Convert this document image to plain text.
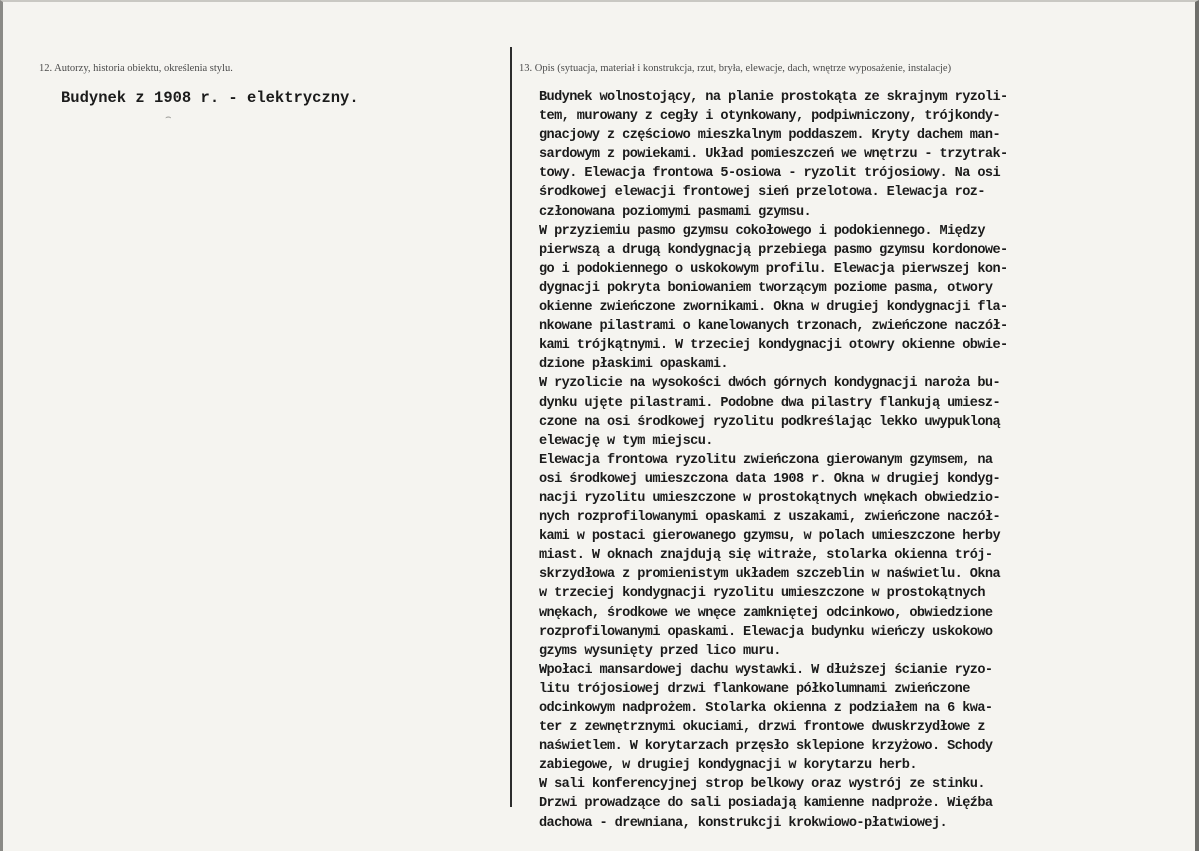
12. Autorzy, historia obiektu, określenia stylu.
Budynek z 1908 r. - elektryczny.
13. Opis (sytuacja, materiał i konstrukcja, rzut, bryła, elewacje, dach, wnętrze wyposażenie, instalacje)
Budynek wolnostojący, na planie prostokąta ze skrajnym ryzoli-
tem, murowany z cegły i otynkowany, podpiwniczony, trójkondy-
gnacjowy z częściowo mieszkalnym poddaszem. Kryty dachem man-
sardowym z powiekami. Układ pomieszczeń we wnętrzu - trzytrak-
towy. Elewacja frontowa 5-osiowa - ryzolit trójosiowy. Na osi
środkowej elewacji frontowej sień przelotowa. Elewacja roz-
członowana poziomymi pasmami gzymsu.
W przyziemiu pasmo gzymsu cokołowego i podokiennego. Między
pierwszą a drugą kondygnacją przebiega pasmo gzymsu kordonowe-
go i podokiennego o uskokowym profilu. Elewacja pierwszej kon-
dygnacji pokryta boniowaniem tworzącym poziome pasma, otwory
okienne zwieńczone zwornikami. Okna w drugiej kondygnacji fla-
nkowane pilastrami o kanelowanych trzonach, zwieńczone naczół-
kami trójkątnymi. W trzeciej kondygnacji otowry okienne obwie-
dzione płaskimi opaskami.
W ryzolicie na wysokości dwóch górnych kondygnacji naroża bu-
dynku ujęte pilastrami. Podobne dwa pilastry flankują umiesz-
czone na osi środkowej ryzolitu podkreślając lekko uwypukloną
elewację w tym miejscu.
Elewacja frontowa ryzolitu zwieńczona gierowanym gzymsem, na
osi środkowej umieszczona data 1908 r. Okna w drugiej kondyg-
nacji ryzolitu umieszczone w prostokątnych wnękach obwiedzio-
nych rozprofilowanymi opaskami z uszakami, zwieńczone naczół-
kami w postaci gierowanego gzymsu, w polach umieszczone herby
miast. W oknach znajdują się witraże, stolarka okienna trój-
skrzydłowa z promienistym układem szczeblin w naświetlu. Okna
w trzeciej kondygnacji ryzolitu umieszczone w prostokątnych
wnękach, środkowe we wnęce zamkniętej odcinkowo, obwiedzione
rozprofilowanymi opaskami. Elewacja budynku wieńczy uskokowo
gzyms wysunięty przed lico muru.
Wpołaci mansardowej dachu wystawki. W dłuższej ścianie ryzo-
litu trójosiowej drzwi flankowane półkolumnami zwieńczone
odcinkowym nadprożem. Stolarka okienna z podziałem na 6 kwa-
ter z zewnętrznymi okuciami, drzwi frontowe dwuskrzydłowe z
naświetlem. W korytarzach przęsło sklepione krzyżowo. Schody
zabiegowe, w drugiej kondygnacji w korytarzu herb.
W sali konferencyjnej strop belkowy oraz wystrój ze stinku.
Drzwi prowadzące do sali posiadają kamienne nadproże. Więźba
dachowa - drewniana, konstrukcji krokwiowo-płatwiowej.
⌢
